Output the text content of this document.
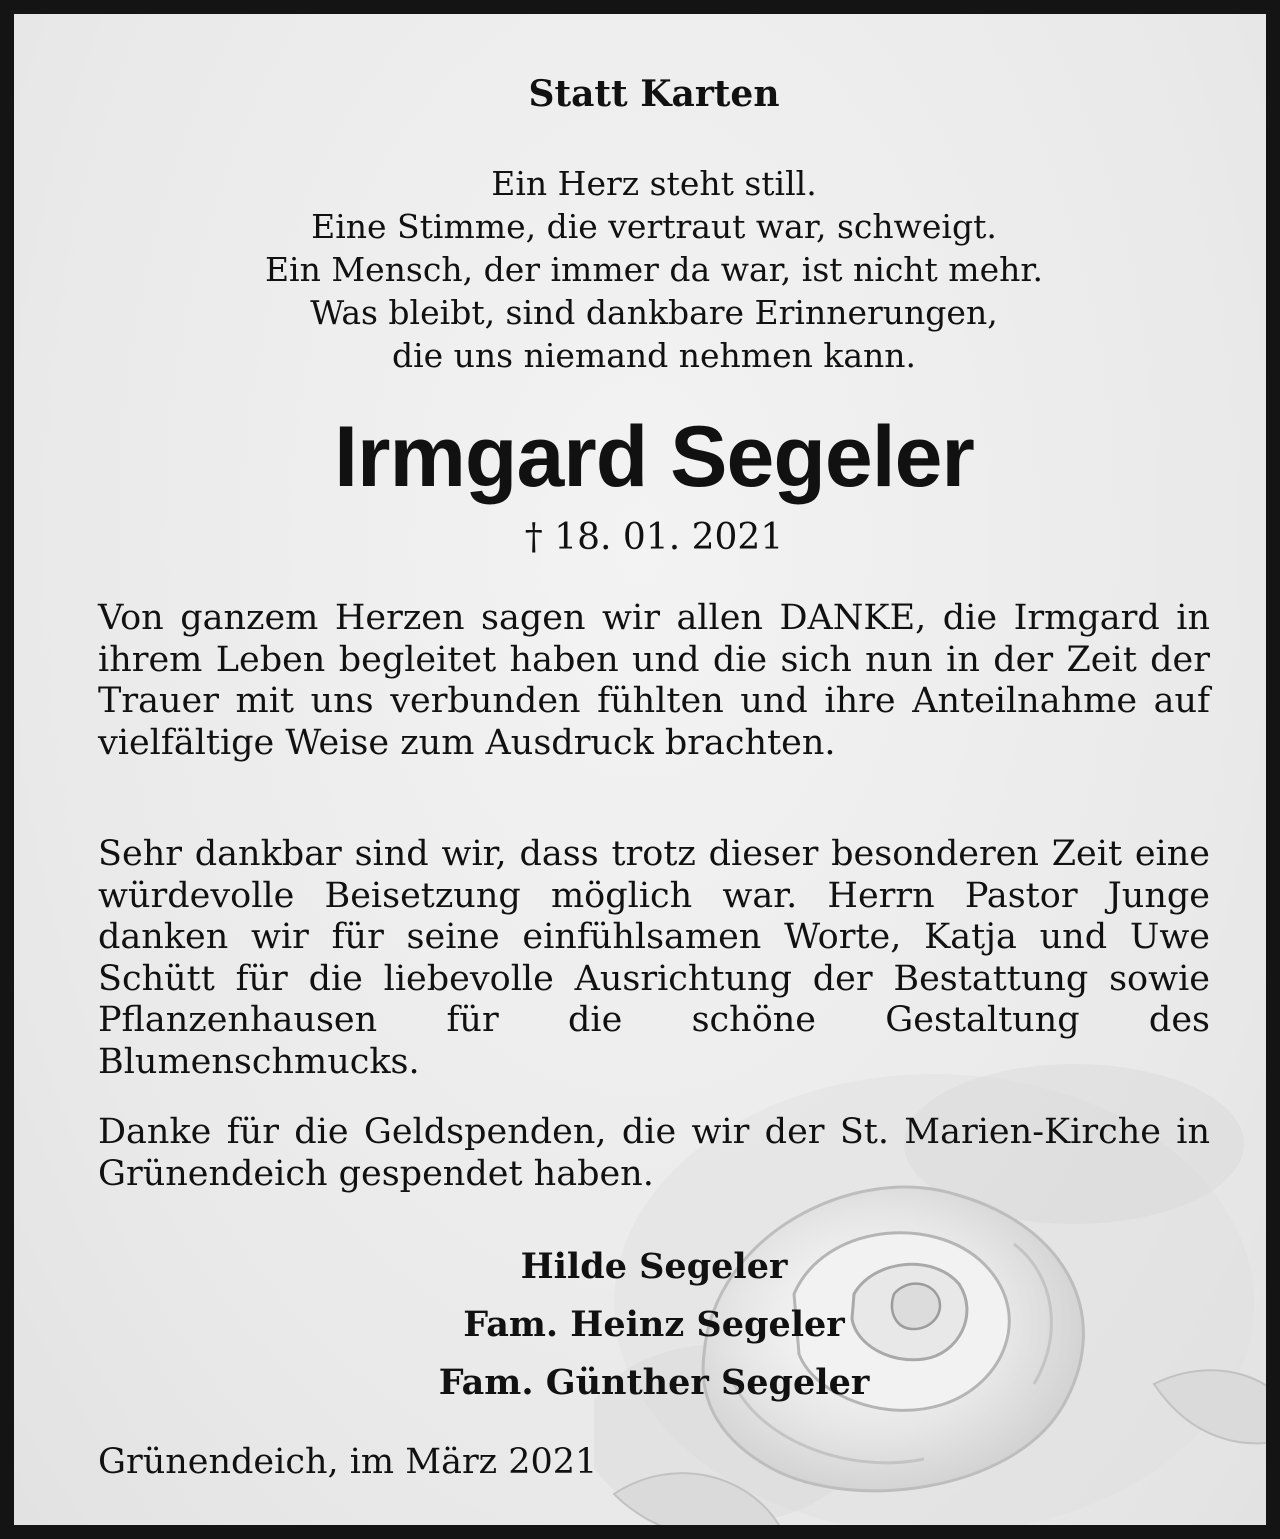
Statt Karten
Ein Herz steht still.
Eine Stimme, die vertraut war, schweigt.
Ein Mensch, der immer da war, ist nicht mehr.
Was bleibt, sind dankbare Erinnerungen,
die uns niemand nehmen kann.
Irmgard Segeler
† 18. 01. 2021
Von ganzem Herzen sagen wir allen DANKE, die Irmgard in ihrem Leben begleitet haben und die sich nun in der Zeit der Trauer mit uns verbunden fühlten und ihre Anteilnahme auf vielfältige Weise zum Ausdruck brachten.
Sehr dankbar sind wir, dass trotz dieser besonderen Zeit eine würdevolle Beisetzung möglich war. Herrn Pastor Junge danken wir für seine einfühlsamen Worte, Katja und Uwe Schütt für die liebevolle Ausrichtung der Bestattung sowie Pflanzenhausen für die schöne Gestaltung des Blumenschmucks.
Danke für die Geldspenden, die wir der St. Marien-Kirche in Grünendeich gespendet haben.
Hilde Segeler
Fam. Heinz Segeler
Fam. Günther Segeler
Grünendeich, im März 2021
